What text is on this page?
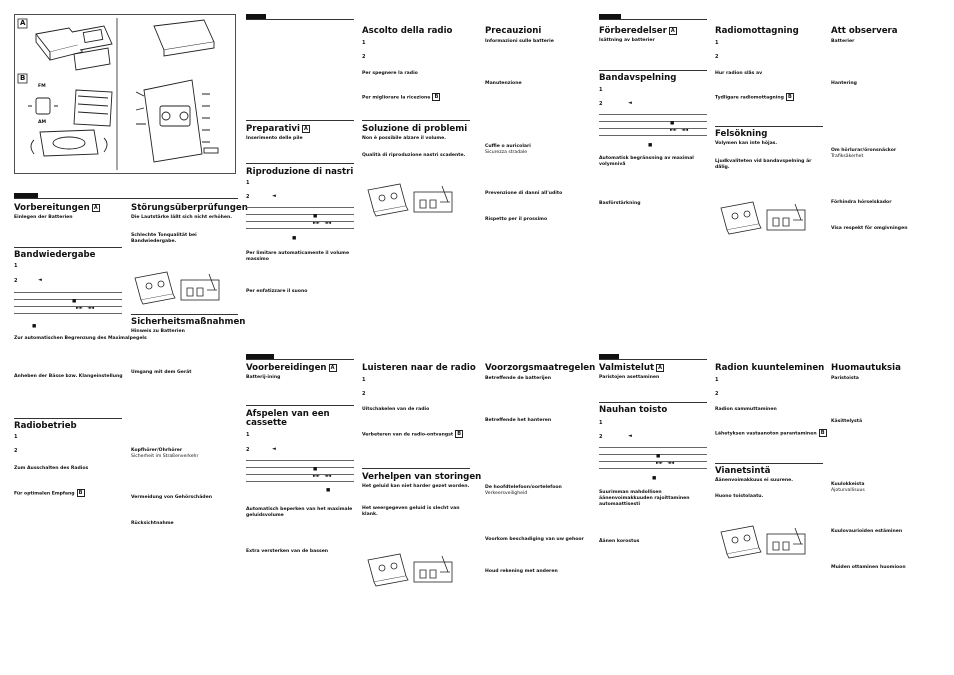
A
B
FM
AM
Vorbereitungen A
Einlegen der Batterien
Bandwiedergabe
1
2	◄
■
►►   ◄◄
■
Zur automatischen Begrenzung des Maximalpegels
Anheben der Bässe bzw. Klangeinstellung
Radiobetrieb
1
2
Zum Ausschalten des Radios
Für optimalen Empfang B
Störungsüberprüfungen
Die Lautstärke läßt sich nicht erhöhen.
Schlechte Tonqualität bei Bandwiedergabe.
Sicherheitsmaßnahmen
Hinweis zu Batterien
Umgang mit dem Gerät
Kopfhörer/Ohrhörer
Sicherheit im Straßenverkehr
Vermeidung von Gehörschäden
Rücksichtnahme
Preparativi A
Inserimento delle pile
Riproduzione di nastri
1
2	◄
■
►►   ◄◄
■
Per limitare automaticamente il volume massimo
Per enfatizzare il suono
Ascolto della radio
1
2
Per spegnere la radio
Per migliorare la ricezione B
Soluzione di problemi
Non è possibile alzare il volume.
Qualità di riproduzione nastri scadente.
Precauzioni
Informazioni sulle batterie
Manutenzione
Cuffie o auricolari
Sicurezza stradale
Prevenzione di danni all'udito
Rispetto per il prossimo
Voorbereidingen A
Batterij-ining
Afspelen van een
cassette
1
2	◄
■
►►   ◄◄
■
Automatisch beperken van het maximale geluidsvolume
Extra versterken van de bassen
Luisteren naar de radio
1
2
Uitschakelen van de radio
Verbeteren van de radio-ontvangst B
Verhelpen van storingen
Het geluid kan niet harder gezet worden.
Het weergegeven geluid is slecht van klank.
Voorzorgsmaatregelen
Betreffende de batterijen
Betreffende het hanteren
De hoofdtelefoon/oortelefoon
Verkeersveiligheid
Voorkom beschadiging van uw gehoor
Houd rekening met anderen
Förberedelser A
Isättning av batterier
Bandavspelning
1
2	◄
■
►►   ◄◄
■
Automatisk begränsning av maximal volymnivå
Basförstärkning
Radiomottagning
1
2
Hur radion slås av
Tydligare radiomottagning B
Felsökning
Volymen kan inte höjas.
Ljudkvaliteten vid bandavspelning är dålig.
Att observera
Batterier
Hantering
Om hörlurar/öronsnäckor
Trafiksäkerhet
Förhindra hörselskador
Visa respekt för omgivningen
Valmistelut A
Paristojen asettaminen
Nauhan toisto
1
2	◄
■
►►   ◄◄
■
Suurimman mahdollisen äänenvoimakkuuden rajoittaminen automaattisesti
Äänen korostus
Radion kuunteleminen
1
2
Radion sammuttaminen
Lähetyksen vastaanoton parantaminen B
Vianetsintä
Äänenvoimakkuus ei suurene.
Huono toistolaatu.
Huomautuksia
Paristoista
Käsittelystä
Kuulokkeista
Ajoturvallisuus
Kuulovaurioiden estäminen
Muiden ottaminen huomioon
